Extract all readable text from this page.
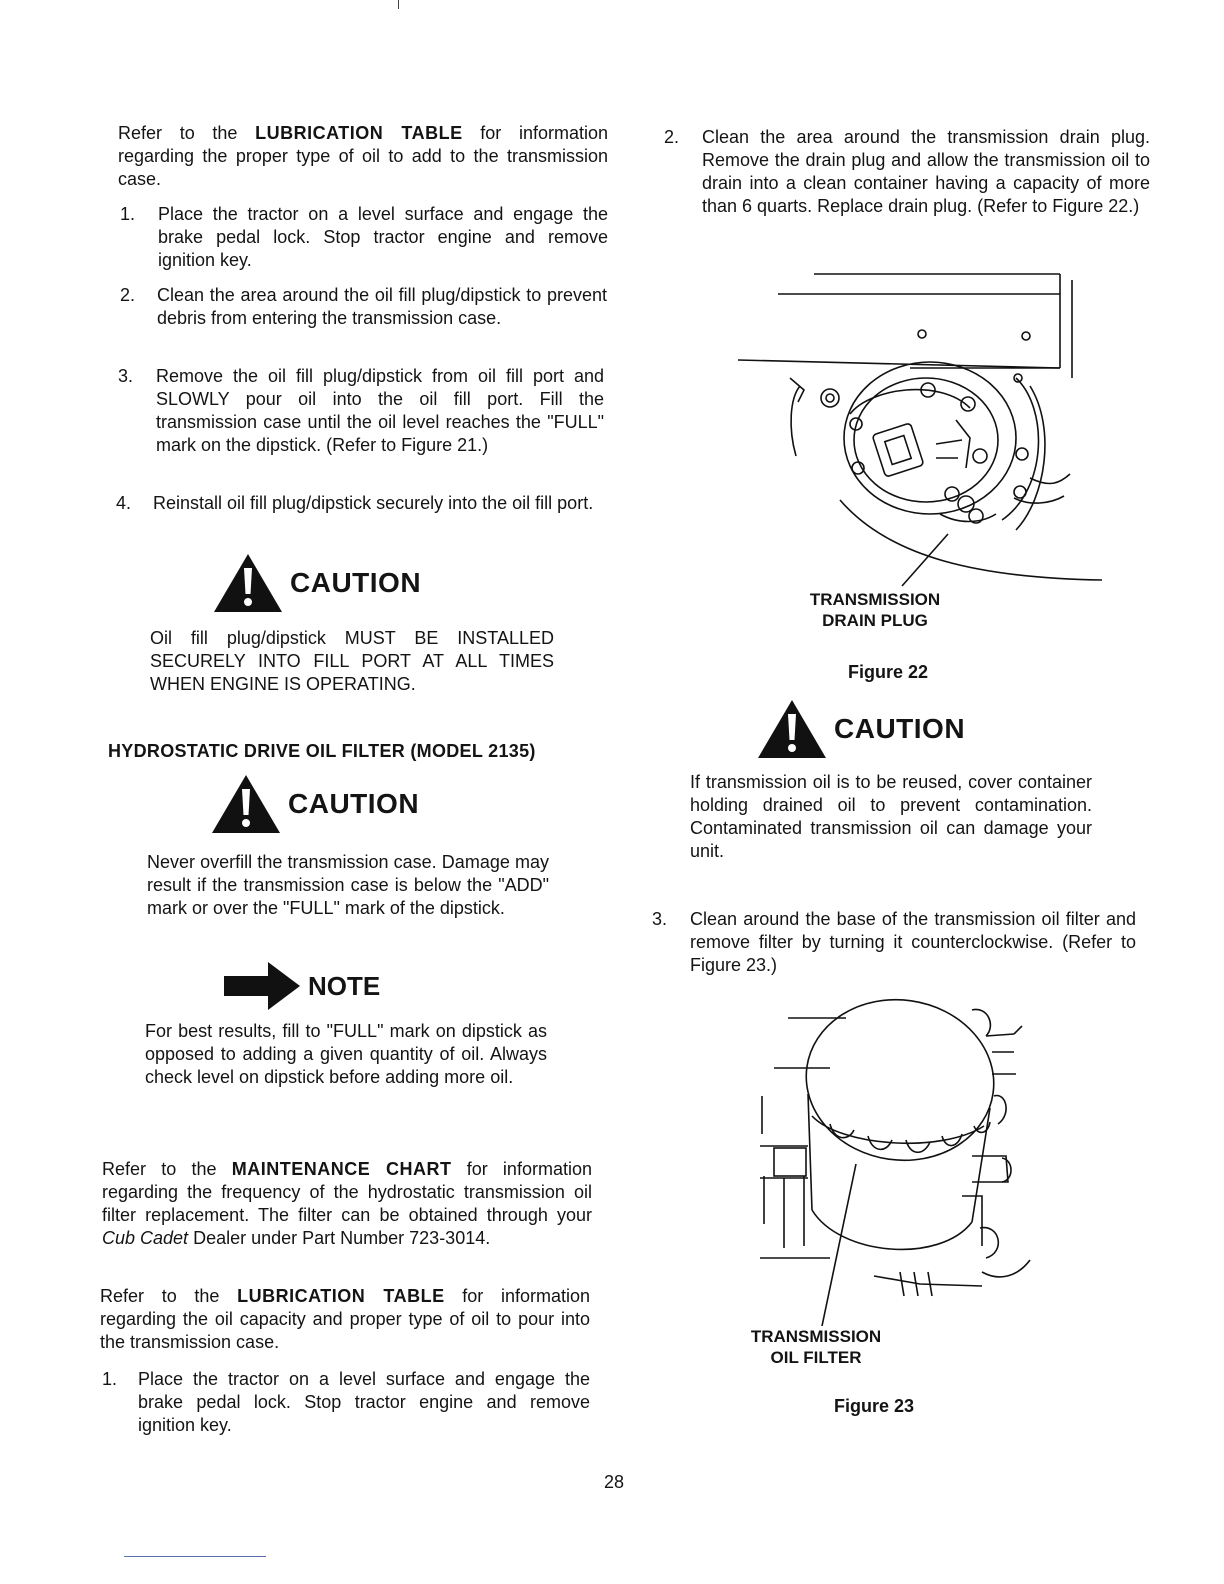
Refer to the LUBRICATION TABLE for information regarding the proper type of oil to add to the transmission case.
1. Place the tractor on a level surface and engage the brake pedal lock. Stop tractor engine and remove ignition key.
2. Clean the area around the oil fill plug/dipstick to prevent debris from entering the transmission case.
3. Remove the oil fill plug/dipstick from oil fill port and SLOWLY pour oil into the oil fill port. Fill the transmission case until the oil level reaches the "FULL" mark on the dipstick. (Refer to Figure 21.)
4. Reinstall oil fill plug/dipstick securely into the oil fill port.
CAUTION
Oil fill plug/dipstick MUST BE INSTALLED SECURELY INTO FILL PORT AT ALL TIMES WHEN ENGINE IS OPERATING.
HYDROSTATIC DRIVE OIL FILTER (MODEL 2135)
CAUTION
Never overfill the transmission case. Damage may result if the transmission case is below the "ADD" mark or over the "FULL" mark of the dipstick.
NOTE
For best results, fill to "FULL" mark on dipstick as opposed to adding a given quantity of oil. Always check level on dipstick before adding more oil.
Refer to the MAINTENANCE CHART for information regarding the frequency of the hydrostatic transmission oil filter replacement. The filter can be obtained through your Cub Cadet Dealer under Part Number 723-3014.
Refer to the LUBRICATION TABLE for information regarding the oil capacity and proper type of oil to pour into the transmission case.
1. Place the tractor on a level surface and engage the brake pedal lock. Stop tractor engine and remove ignition key.
2. Clean the area around the transmission drain plug. Remove the drain plug and allow the transmission oil to drain into a clean container having a capacity of more than 6 quarts. Replace drain plug. (Refer to Figure 22.)
TRANSMISSION
DRAIN PLUG
Figure 22
CAUTION
If transmission oil is to be reused, cover container holding drained oil to prevent contamination. Contaminated transmission oil can damage your unit.
3. Clean around the base of the transmission oil filter and remove filter by turning it counterclockwise. (Refer to Figure 23.)
TRANSMISSION
OIL FILTER
Figure 23
28
